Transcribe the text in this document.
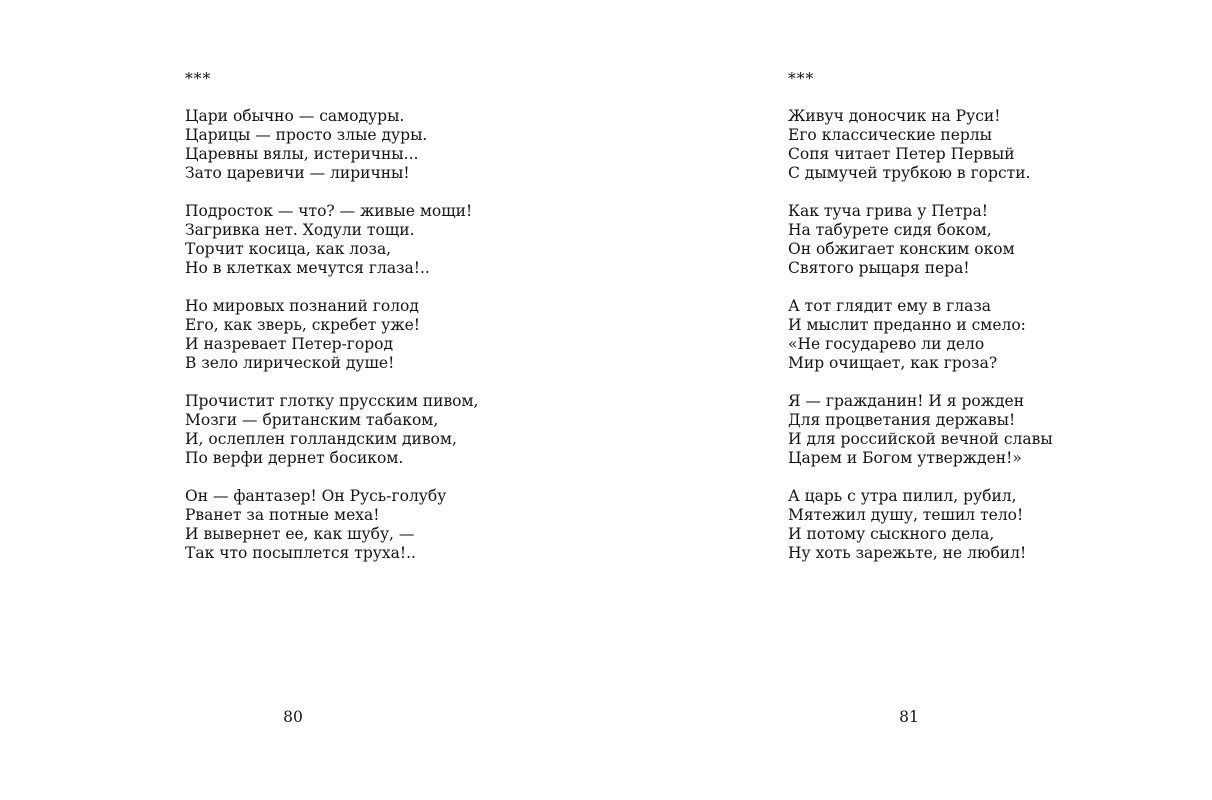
***
Цари обычно — самодуры.
Царицы — просто злые дуры.
Царевны вялы, истеричны...
Зато царевичи — лиричны!
Подросток — что? — живые мощи!
Загривка нет. Ходули тощи.
Торчит косица, как лоза,
Но в клетках мечутся глаза!..
Но мировых познаний голод
Его, как зверь, скребет уже!
И назревает Петер-город
В зело лирической душе!
Прочистит глотку прусским пивом,
Мозги — британским табаком,
И, ослеплен голландским дивом,
По верфи дернет босиком.
Он — фантазер! Он Русь-голубу
Рванет за потные меха!
И вывернет ее, как шубу, —
Так что посыплется труха!..
80
***
Живуч доносчик на Руси!
Его классические перлы
Сопя читает Петер Первый
С дымучей трубкою в горсти.
Как туча грива у Петра!
На табурете сидя боком,
Он обжигает конским оком
Святого рыцаря пера!
А тот глядит ему в глаза
И мыслит преданно и смело:
«Не государево ли дело
Мир очищает, как гроза?
Я — гражданин! И я рожден
Для процветания державы!
И для российской вечной славы
Царем и Богом утвержден!»
А царь с утра пилил, рубил,
Мятежил душу, тешил тело!
И потому сыскного дела,
Ну хоть зарежьте, не любил!
81
